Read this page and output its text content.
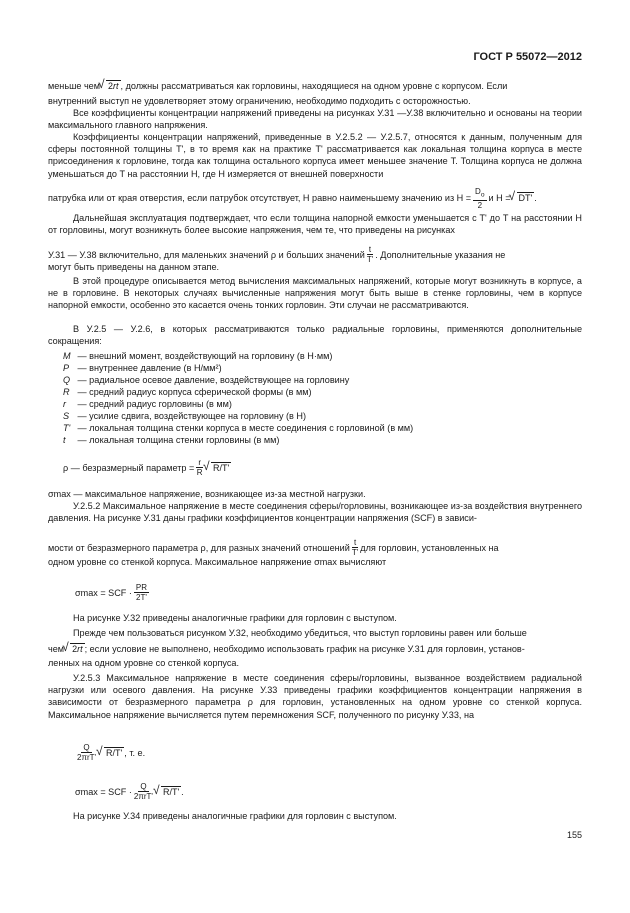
ГОСТ Р 55072—2012
меньше чем √ 2rt , должны рассматриваться как горловины, находящиеся на одном уровне с корпусом. Если

внутренний выступ не удовлетворяет этому ограничению, необходимо подходить с осторожностью.

Все коэффициенты концентрации напряжений приведены на рисунках У.31 —У.38 включительно и основаны на теории максимального главного напряжения.

Коэффициенты концентрации напряжений, приведенные в У.2.5.2 — У.2.5.7, относятся к данным, полученным для сферы постоянной толщины T', в то время как на практике T' рассматривается как локальная толщина корпуса в месте присоединения к горловине, тогда как толщина остального корпуса имеет меньшее значение T. Толщина корпуса не должна уменьшаться до T на расстоянии H, где H измеряется от внешней поверхности

патрубка или от края отверстия, если патрубок отсутствует, H равно наименьшему значению из $H = \frac{D_o}{2}$ и H = √ DT' .

Дальнейшая эксплуатация подтверждает, что если толщина напорной емкости уменьшается с T' до T на расстоянии H от горловины, могут возникнуть более высокие напряжения, чем те, что приведены на рисунках

У.31 — У.38 включительно, для маленьких значений ρ и больших значений $\frac{t}{T'}$ . Дополнительные указания не

могут быть приведены на данном этапе.

В этой процедуре описывается метод вычисления максимальных напряжений, которые могут возникнуть в корпусе, а не в горловине. В некоторых случаях вычисленные напряжения могут быть выше в стенке горловины, чем в корпусе напорной емкости, особенно это касается очень тонких горловин. Эти случаи не рассматриваются.

В У.2.5 — У.2.6, в которых рассматриваются только радиальные горловины, применяются дополнительные сокращения:

M — внешний момент, воздействующий на горловину (в Н·мм)
P — внутреннее давление (в Н/мм²)
Q — радиальное осевое давление, воздействующее на горловину
R — средний радиус корпуса сферической формы (в мм)
r — средний радиус горловины (в мм)
S — усилие сдвига, воздействующее на горловину (в Н)
T' — локальная толщина стенки корпуса в месте соединения с горловиной (в мм)
t — локальная толщина стенки горловины (в мм)
ρ — безразмерный параметр = $\frac{r}{R}$ √ R/T'

σmax — максимальное напряжение, возникающее из-за местной нагрузки.

У.2.5.2 Максимальное напряжение в месте соединения сферы/горловины, возникающее из-за воздействия внутреннего давления. На рисунке У.31 даны графики коэффициентов концентрации напряжения (SCF) в зависи-

мости от безразмерного параметра ρ, для разных значений отношений $\frac{t}{T'}$ для горловин, установленных на

одном уровне со стенкой корпуса. Максимальное напряжение σmax вычисляют

σmax = SCF · $\frac{PR}{2T'}$

На рисунке У.32 приведены аналогичные графики для горловин с выступом.

Прежде чем пользоваться рисунком У.32, необходимо убедиться, что выступ горловины равен или больше

чем √ 2rt ; если условие не выполнено, необходимо использовать график на рисунке У.31 для горловин, установ-

ленных на одном уровне со стенкой корпуса.

У.2.5.3 Максимальное напряжение в месте соединения сферы/горловины, вызванное воздействием радиальной нагрузки или осевого давления. На рисунке У.33 приведены графики коэффициентов концентрации напряжения в зависимости от безразмерного параметра ρ для горловин, установленных на одном уровне со стенкой корпуса. Максимальное напряжение вычисляется путем перемножения SCF, полученного по рисунку У.33, на

$\frac{Q}{\text{2πrT'}}$ √ R/T' , т. е.
σmax = SCF · $\frac{Q}{\text{2πrT'}}$ √ R/T' .

На рисунке У.34 приведены аналогичные графики для горловин с выступом.

155
